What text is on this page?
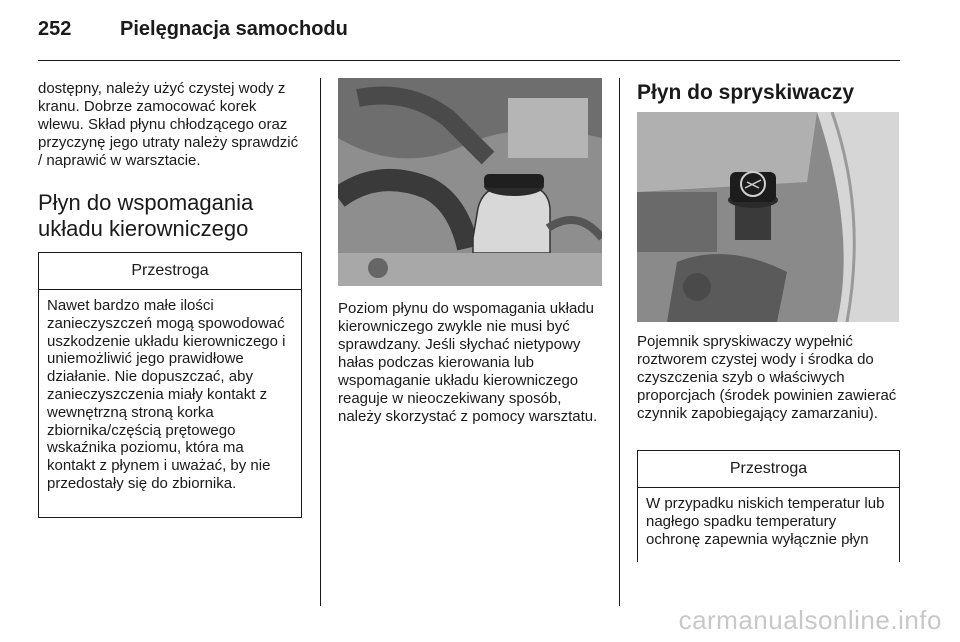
252	Pielęgnacja samochodu

dostępny, należy użyć czystej wody z kranu. Dobrze zamocować korek wlewu. Skład płynu chłodzącego oraz przyczynę jego utraty należy sprawdzić / naprawić w warsztacie.

Płyn do wspomagania układu kierowniczego
Przestroga
Nawet bardzo małe ilości zanieczyszczeń mogą spowodować uszkodzenie układu kierowniczego i uniemożliwić jego prawidłowe działanie. Nie dopuszczać, aby zanieczyszczenia miały kontakt z wewnętrzną stroną korka zbiornika/częścią prętowego wskaźnika poziomu, która ma kontakt z płynem i uważać, by nie przedostały się do zbiornika.

Poziom płynu do wspomagania układu kierowniczego zwykle nie musi być sprawdzany. Jeśli słychać nietypowy hałas podczas kierowania lub wspomaganie układu kierowniczego reaguje w nieoczekiwany sposób, należy skorzystać z pomocy warsztatu.

Płyn do spryskiwaczy

Pojemnik spryskiwaczy wypełnić roztworem czystej wody i środka do czyszczenia szyb o właściwych proporcjach (środek powinien zawierać czynnik zapobiegający zamarzaniu).

Przestroga
W przypadku niskich temperatur lub nagłego spadku temperatury ochronę zapewnia wyłącznie płyn
carmanualsonline.info
